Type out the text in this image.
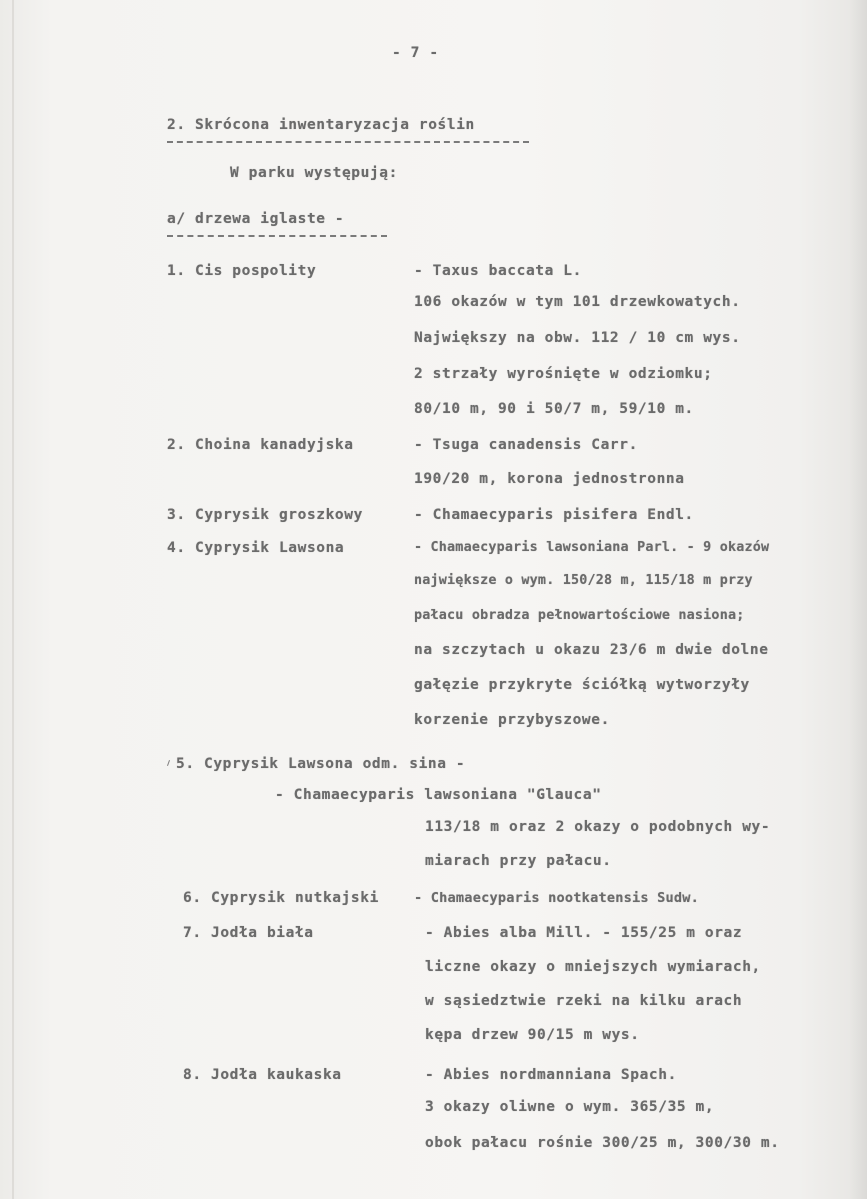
- 7 -
2. Skrócona inwentaryzacja roślin
W parku występują:
a/ drzewa iglaste -
1. Cis pospolity	- Taxus baccata L.
106 okazów w tym 101 drzewkowatych.
Największy na obw. 112 / 10 cm wys.
2 strzały wyrośnięte w odziomku;
80/10 m, 90 i 50/7 m, 59/10 m.
2. Choina kanadyjska	- Tsuga canadensis Carr.
190/20 m, korona jednostronna
3. Cyprysik groszkowy	- Chamaecyparis pisifera Endl.
4. Cyprysik Lawsona	- Chamaecyparis lawsoniana Parl. - 9 okazów
największe o wym. 150/28 m, 115/18 m przy
pałacu obradza pełnowartościowe nasiona;
na szczytach u okazu 23/6 m dwie dolne
gałęzie przykryte ściółką wytworzyły
korzenie przybyszowe.
5. Cyprysik Lawsona odm. sina -
- Chamaecyparis lawsoniana "Glauca"
113/18 m oraz 2 okazy o podobnych wy-
miarach przy pałacu.
6. Cyprysik nutkajski	- Chamaecyparis nootkatensis Sudw.
7. Jodła biała	- Abies alba Mill. - 155/25 m oraz
liczne okazy o mniejszych wymiarach,
w sąsiedztwie rzeki na kilku arach
kępa drzew 90/15 m wys.
8. Jodła kaukaska	- Abies nordmanniana Spach.
3 okazy oliwne o wym. 365/35 m,
obok pałacu rośnie 300/25 m, 300/30 m.
